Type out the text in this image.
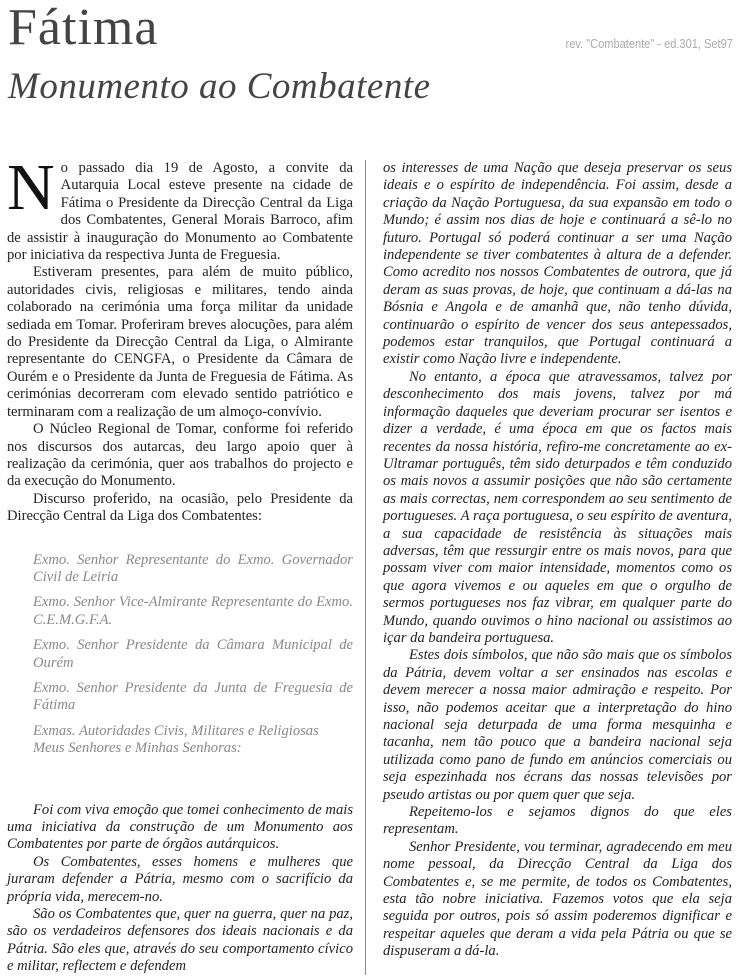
Fátima
Monumento ao Combatente
rev. "Combatente" - ed.301, Set97

No passado dia 19 de Agosto, a convite da Autarquia Local esteve presente na cidade de Fátima o Presidente da Direcção Central da Liga dos Combatentes, General Morais Barroco, afim de assistir à inauguração do Monumento ao Combatente por iniciativa da respectiva Junta de Freguesia.

Estiveram presentes, para além de muito público, autoridades civis, religiosas e militares, tendo ainda colaborado na cerimónia uma força militar da unidade sediada em Tomar. Proferiram breves alocuções, para além do Presidente da Direcção Central da Liga, o Almirante representante do CENGFA, o Presidente da Câmara de Ourém e o Presidente da Junta de Freguesia de Fátima. As cerimónias decorreram com elevado sentido patriótico e terminaram com a realização de um almoço-convívio.

O Núcleo Regional de Tomar, conforme foi referido nos discursos dos autarcas, deu largo apoio quer à realização da cerimónia, quer aos trabalhos do projecto e da execução do Monumento.

Discurso proferido, na ocasião, pelo Presidente da Direcção Central da Liga dos Combatentes:

Exmo. Senhor Representante do Exmo. Governador Civil de Leiria
Exmo. Senhor Vice-Almirante Representante do Exmo. C.E.M.G.F.A.
Exmo. Senhor Presidente da Câmara Municipal de Ourém
Exmo. Senhor Presidente da Junta de Freguesia de Fátima
Exmas. Autoridades Civis, Militares e Religiosas
Meus Senhores e Minhas Senhoras:

Foi com viva emoção que tomei conhecimento de mais uma iniciativa da construção de um Monumento aos Combatentes por parte de órgãos autárquicos.

Os Combatentes, esses homens e mulheres que juraram defender a Pátria, mesmo com o sacrifício da própria vida, merecem-no.

São os Combatentes que, quer na guerra, quer na paz, são os verdadeiros defensores dos ideais nacionais e da Pátria. São eles que, através do seu comportamento cívico e militar, reflectem e defendem

os interesses de uma Nação que deseja preservar os seus ideais e o espírito de independência. Foi assim, desde a criação da Nação Portuguesa, da sua expansão em todo o Mundo; é assim nos dias de hoje e continuará a sê-lo no futuro. Portugal só poderá continuar a ser uma Nação independente se tiver combatentes à altura de a defender. Como acredito nos nossos Combatentes de outrora, que já deram as suas provas, de hoje, que continuam a dá-las na Bósnia e Angola e de amanhã que, não tenho dúvida, continuarão o espírito de vencer dos seus antepessados, podemos estar tranquilos, que Portugal continuará a existir como Nação livre e independente.

No entanto, a época que atravessamos, talvez por desconhecimento dos mais jovens, talvez por má informação daqueles que deveriam procurar ser isentos e dizer a verdade, é uma época em que os factos mais recentes da nossa história, refiro-me concretamente ao ex-Ultramar português, têm sido deturpados e têm conduzido os mais novos a assumir posições que não são certamente as mais correctas, nem correspondem ao seu sentimento de portugueses. A raça portuguesa, o seu espírito de aventura, a sua capacidade de resistência às situações mais adversas, têm que ressurgir entre os mais novos, para que possam viver com maior intensidade, momentos como os que agora vivemos e ou aqueles em que o orgulho de sermos portugueses nos faz vibrar, em qualquer parte do Mundo, quando ouvimos o hino nacional ou assistimos ao içar da bandeira portuguesa.

Estes dois símbolos, que não são mais que os símbolos da Pátria, devem voltar a ser ensinados nas escolas e devem merecer a nossa maior admiração e respeito. Por isso, não podemos aceitar que a interpretação do hino nacional seja deturpada de uma forma mesquinha e tacanha, nem tão pouco que a bandeira nacional seja utilizada como pano de fundo em anúncios comerciais ou seja espezinhada nos écrans das nossas televisões por pseudo artistas ou por quem quer que seja.

Repeitemo-los e sejamos dignos do que eles representam.

Senhor Presidente, vou terminar, agradecendo em meu nome pessoal, da Direcção Central da Liga dos Combatentes e, se me permite, de todos os Combatentes, esta tão nobre iniciativa. Fazemos votos que ela seja seguida por outros, pois só assim poderemos dignificar e respeitar aqueles que deram a vida pela Pátria ou que se dispuseram a dá-la.
